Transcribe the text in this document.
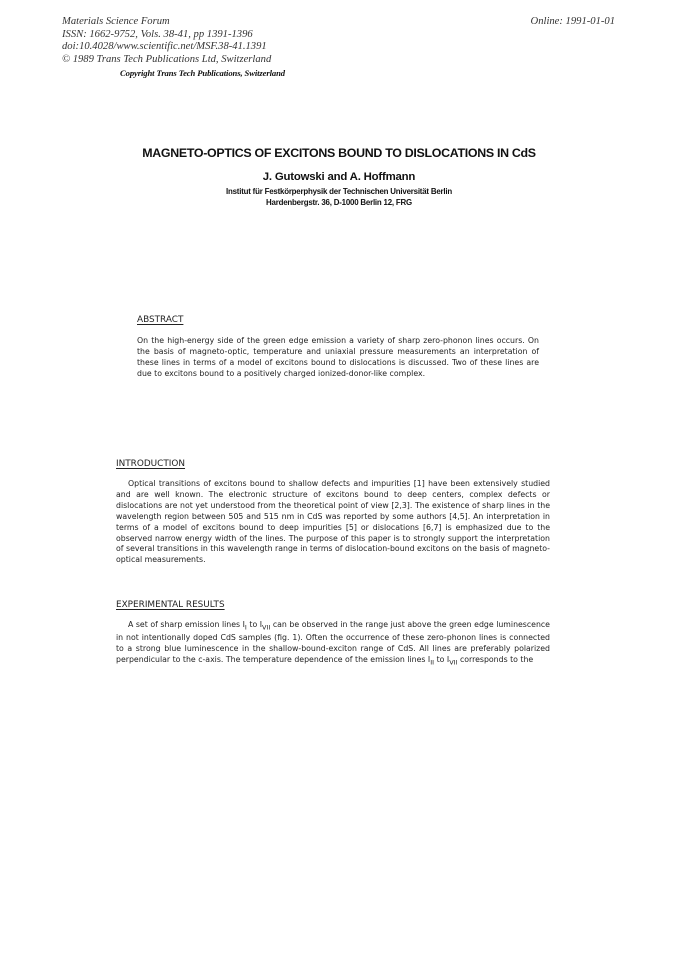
Materials Science Forum
ISSN: 1662-9752, Vols. 38-41, pp 1391-1396
doi:10.4028/www.scientific.net/MSF.38-41.1391
© 1989 Trans Tech Publications Ltd, Switzerland
Online: 1991-01-01
Copyright Trans Tech Publications, Switzerland
MAGNETO-OPTICS OF EXCITONS BOUND TO DISLOCATIONS IN CdS
J. Gutowski and A. Hoffmann
Institut für Festkörperphysik der Technischen Universität Berlin
Hardenbergstr. 36, D-1000 Berlin 12, FRG
ABSTRACT

On the high-energy side of the green edge emission a variety of sharp zero-phonon lines occurs. On the basis of magneto-optic, temperature and uniaxial pressure measurements an interpretation of these lines in terms of a model of excitons bound to dislocations is discussed. Two of these lines are due to excitons bound to a positively charged ionized-donor-like complex.

INTRODUCTION

Optical transitions of excitons bound to shallow defects and impurities [1] have been extensively studied and are well known. The electronic structure of excitons bound to deep centers, complex defects or dislocations are not yet understood from the theoretical point of view [2,3]. The existence of sharp lines in the wavelength region between 505 and 515 nm in CdS was reported by some authors [4,5]. An interpretation in terms of a model of excitons bound to deep impurities [5] or dislocations [6,7] is emphasized due to the observed narrow energy width of the lines. The purpose of this paper is to strongly support the interpretation of several transitions in this wavelength range in terms of dislocation-bound excitons on the basis of magneto-optical measurements.

EXPERIMENTAL RESULTS

A set of sharp emission lines $I_I$ to $I_{VII}$ can be observed in the range just above the green edge luminescence in not intentionally doped CdS samples (fig. 1). Often the occurrence of these zero-phonon lines is connected to a strong blue luminescence in the shallow-bound-exciton range of CdS. All lines are preferably polarized perpendicular to the c-axis. The temperature dependence of the emission lines $I_{II}$ to $I_{VII}$ corresponds to the
